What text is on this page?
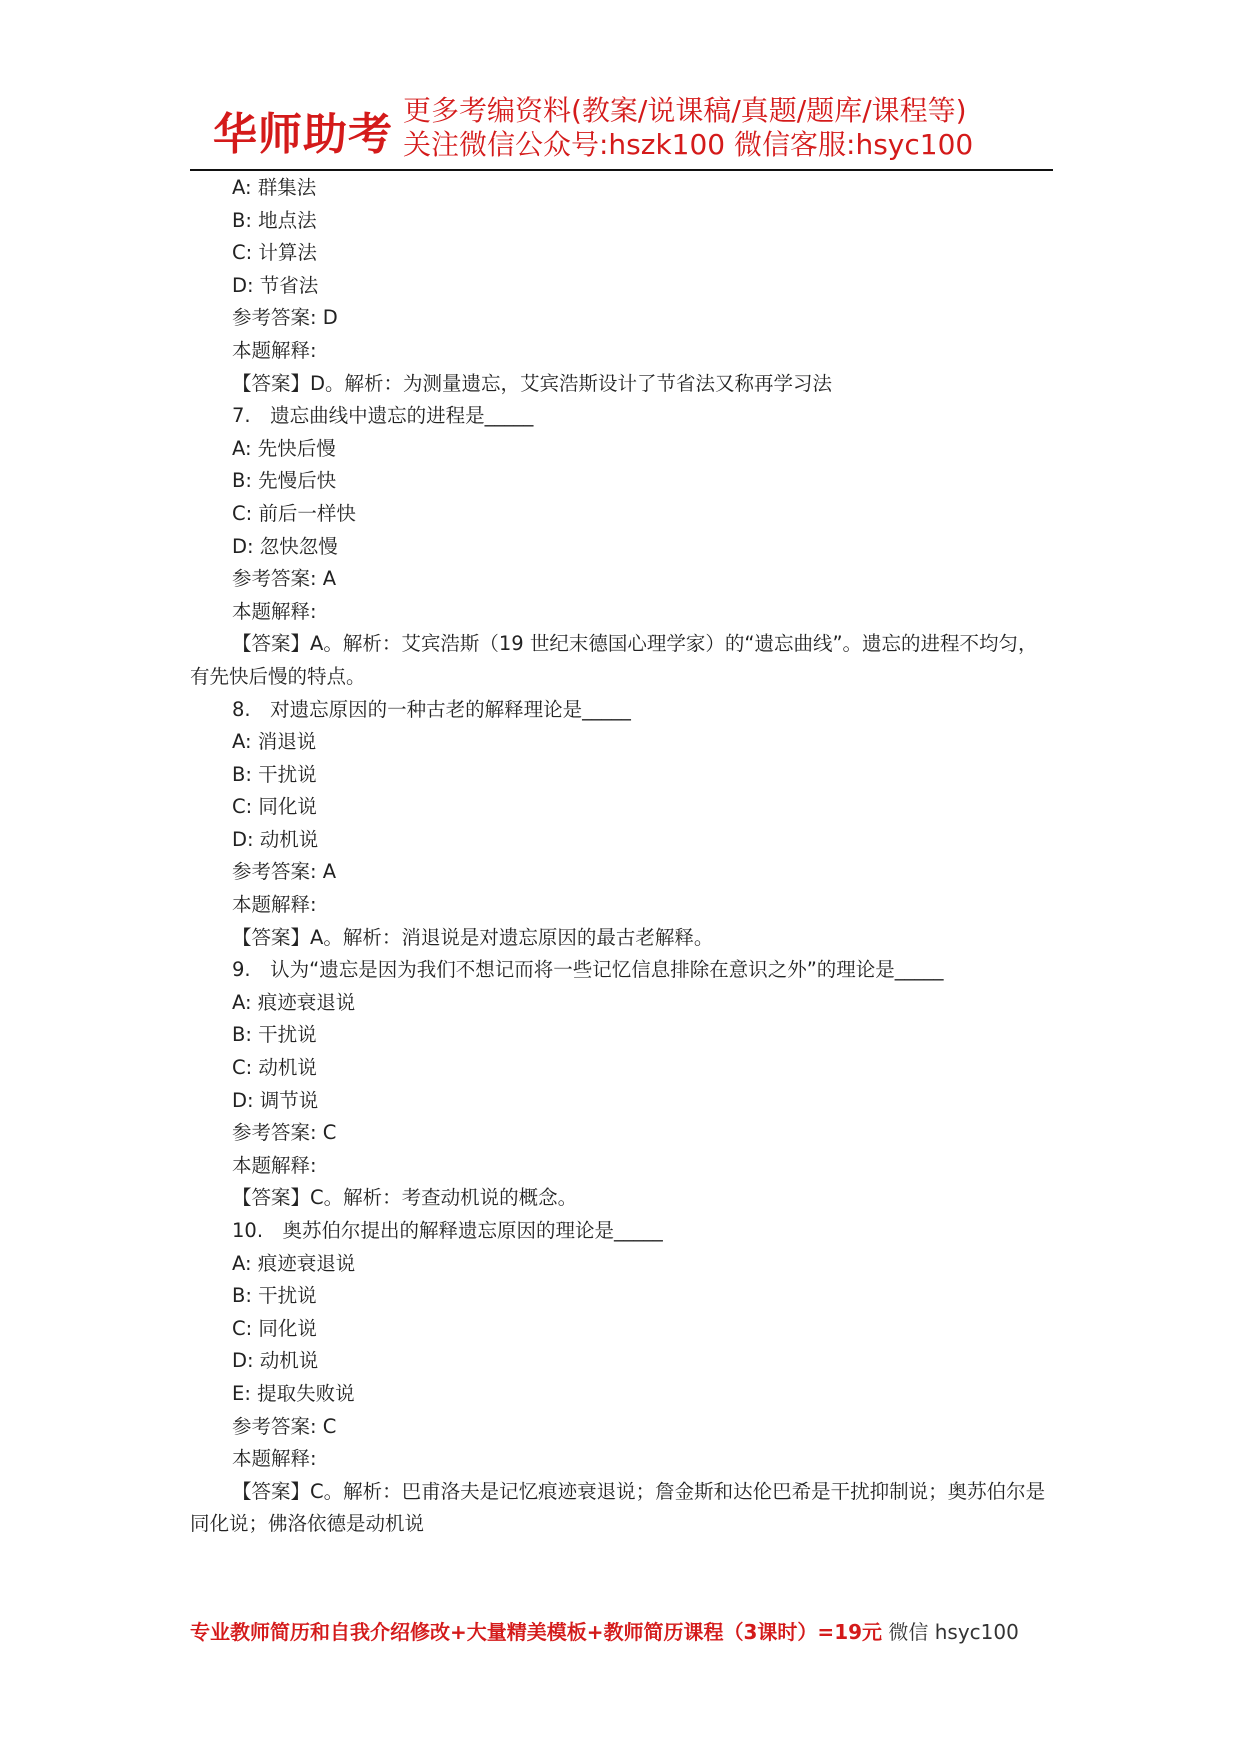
华师助考 更多考编资料(教案/说课稿/真题/题库/课程等)
关注微信公众号:hszk100 微信客服:hsyc100
A: 群集法
B: 地点法
C: 计算法
D: 节省法
参考答案: D
本题解释:
【答案】D。解析：为测量遗忘，艾宾浩斯设计了节省法又称再学习法
7.　遗忘曲线中遗忘的进程是_____
A: 先快后慢
B: 先慢后快
C: 前后一样快
D: 忽快忽慢
参考答案: A
本题解释:
【答案】A。解析：艾宾浩斯（19 世纪末德国心理学家）的“遗忘曲线”。遗忘的进程不均匀，有先快后慢的特点。
8.　对遗忘原因的一种古老的解释理论是_____
A: 消退说
B: 干扰说
C: 同化说
D: 动机说
参考答案: A
本题解释:
【答案】A。解析：消退说是对遗忘原因的最古老解释。
9.　认为“遗忘是因为我们不想记而将一些记忆信息排除在意识之外”的理论是_____
A: 痕迹衰退说
B: 干扰说
C: 动机说
D: 调节说
参考答案: C
本题解释:
【答案】C。解析：考查动机说的概念。
10.　奥苏伯尔提出的解释遗忘原因的理论是_____
A: 痕迹衰退说
B: 干扰说
C: 同化说
D: 动机说
E: 提取失败说
参考答案: C
本题解释:
【答案】C。解析：巴甫洛夫是记忆痕迹衰退说；詹金斯和达伦巴希是干扰抑制说；奥苏伯尔是同化说；佛洛依德是动机说
专业教师简历和自我介绍修改+大量精美模板+教师简历课程（3课时）=19元 微信 hsyc100
